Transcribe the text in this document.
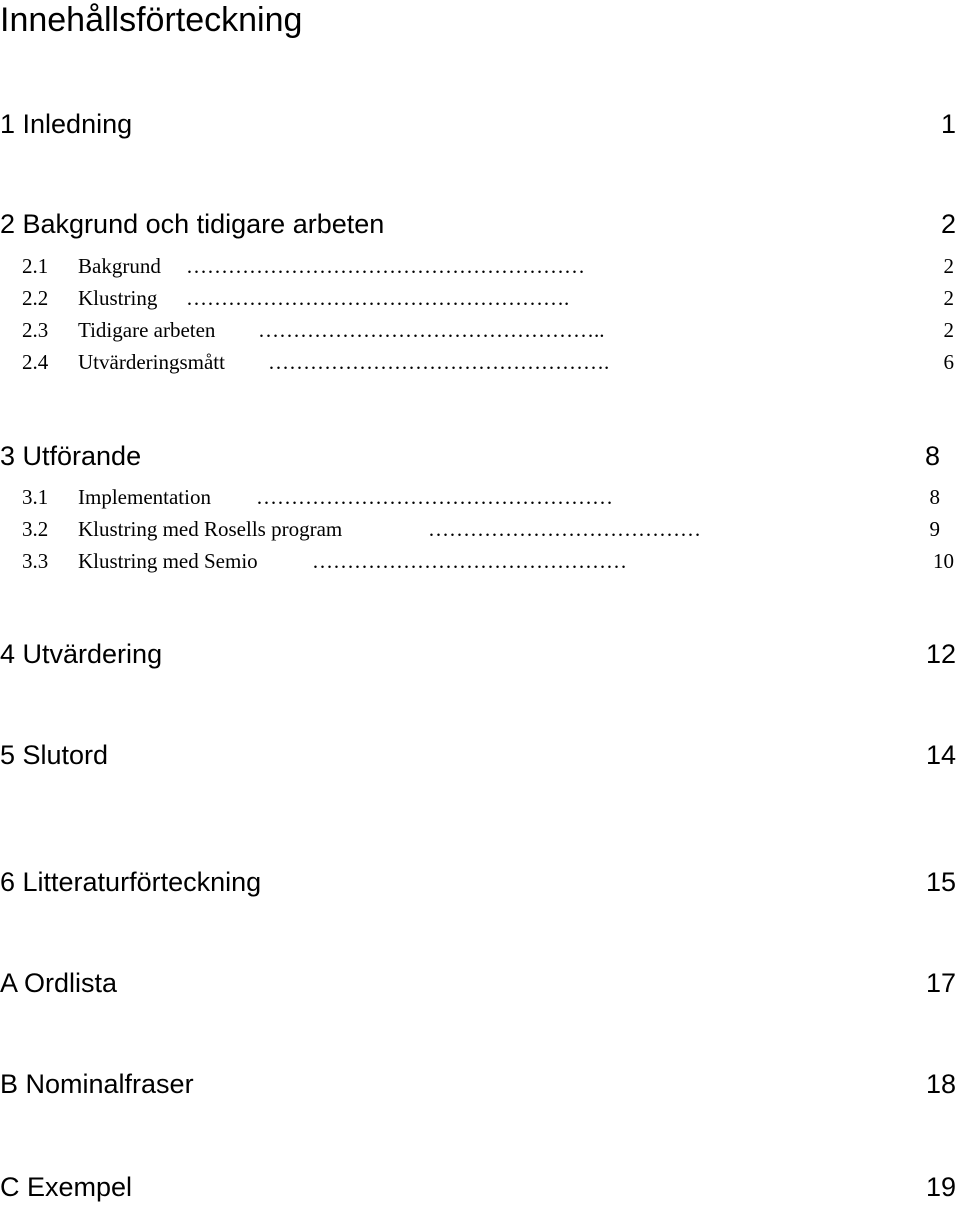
Innehållsförteckning
1 Inledning	1
2 Bakgrund och tidigare arbeten	2
2.1 Bakgrund …………………………………………………	2
2.2 Klustring ……………………………………………….	2
2.3 Tidigare arbeten …………………………………………..	2
2.4 Utvärderingsmått ………………………………………….	6
3 Utförande	8
3.1 Implementation ……………………………………………	8
3.2 Klustring med Rosells program	…………………………………	9
3.3 Klustring med Semio	………………………………………	10
4 Utvärdering	12
5 Slutord	14
6 Litteraturförteckning	15
A Ordlista	17
B Nominalfraser	18
C Exempel	19
